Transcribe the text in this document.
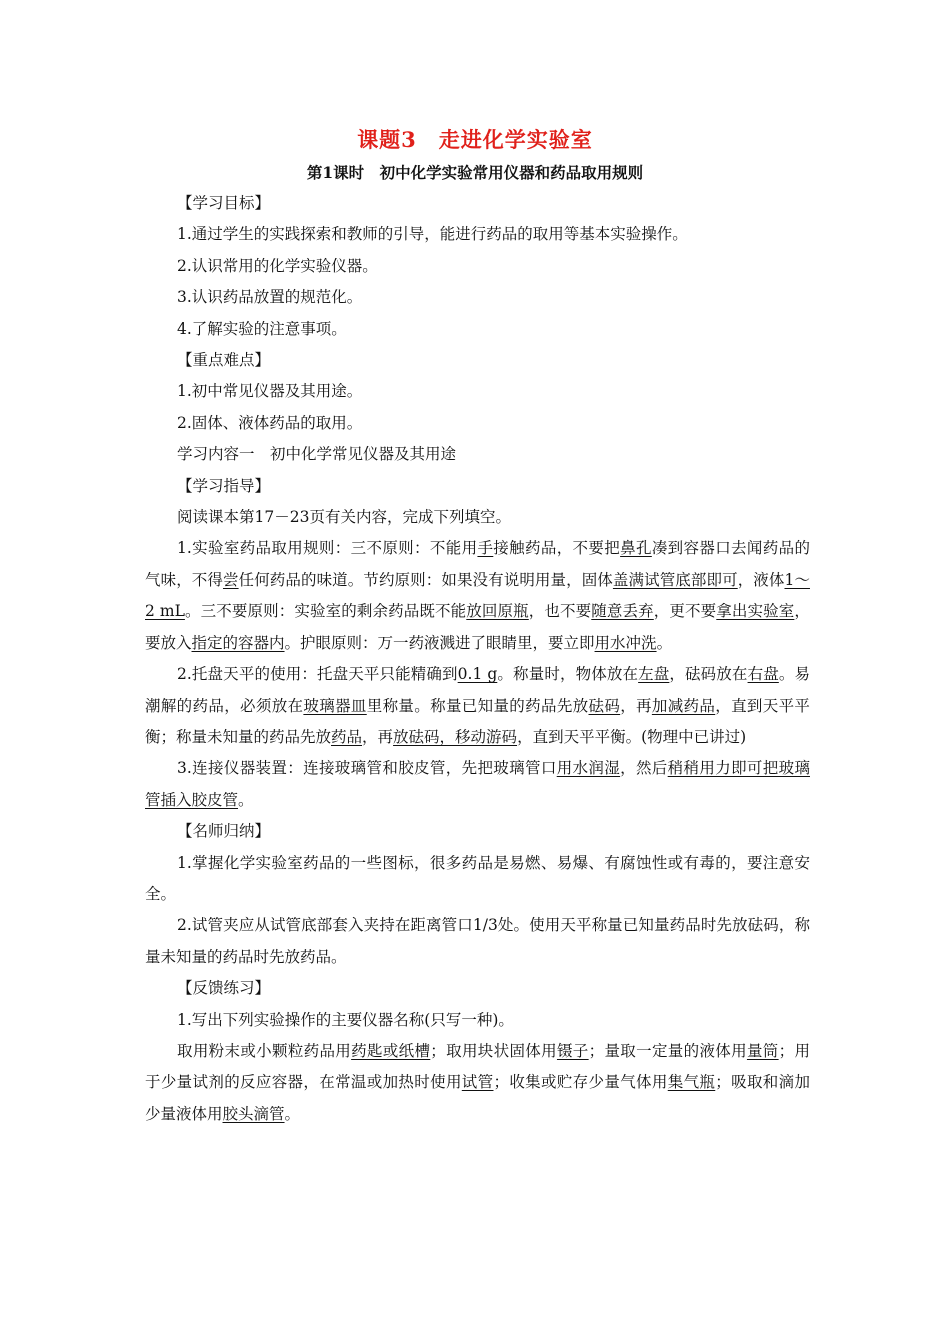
课题3　走进化学实验室
第1课时　初中化学实验常用仪器和药品取用规则

【学习目标】

1.通过学生的实践探索和教师的引导，能进行药品的取用等基本实验操作。

2.认识常用的化学实验仪器。

3.认识药品放置的规范化。

4.了解实验的注意事项。

【重点难点】

1.初中常见仪器及其用途。

2.固体、液体药品的取用。

学习内容一　初中化学常见仪器及其用途

【学习指导】

阅读课本第17－23页有关内容，完成下列填空。

1.实验室药品取用规则：三不原则：不能用手接触药品，不要把鼻孔凑到容器口去闻药品的气味，不得尝任何药品的味道。节约原则：如果没有说明用量，固体盖满试管底部即可，液体1～2 mL。三不要原则：实验室的剩余药品既不能放回原瓶，也不要随意丢弃，更不要拿出实验室，要放入指定的容器内。护眼原则：万一药液溅进了眼睛里，要立即用水冲洗。

2.托盘天平的使用：托盘天平只能精确到0.1 g。称量时，物体放在左盘，砝码放在右盘。易潮解的药品，必须放在玻璃器皿里称量。称量已知量的药品先放砝码，再加减药品，直到天平平衡；称量未知量的药品先放药品，再放砝码，移动游码，直到天平平衡。(物理中已讲过)

3.连接仪器装置：连接玻璃管和胶皮管，先把玻璃管口用水润湿，然后稍稍用力即可把玻璃管插入胶皮管。

【名师归纳】

1.掌握化学实验室药品的一些图标，很多药品是易燃、易爆、有腐蚀性或有毒的，要注意安全。

2.试管夹应从试管底部套入夹持在距离管口1/3处。使用天平称量已知量药品时先放砝码，称量未知量的药品时先放药品。

【反馈练习】

1.写出下列实验操作的主要仪器名称(只写一种)。

取用粉末或小颗粒药品用药匙或纸槽；取用块状固体用镊子；量取一定量的液体用量筒；用于少量试剂的反应容器，在常温或加热时使用试管；收集或贮存少量气体用集气瓶；吸取和滴加少量液体用胶头滴管。
